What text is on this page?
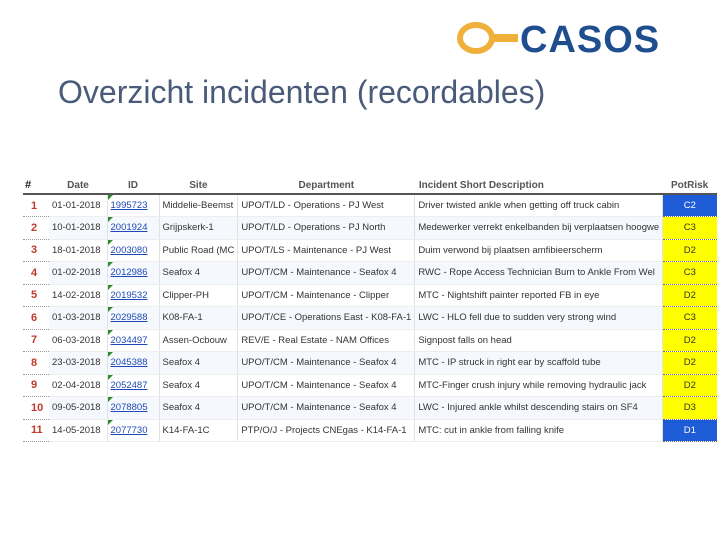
CASOS
Overzicht incidenten (recordables)
#	Date	ID	Site	Department	Incident Short Description	PotRisk
1	01-01-2018	1995723	Middelie-Beemst	UPO/T/LD - Operations - PJ West	Driver twisted ankle when getting off truck cabin	C2
2	10-01-2018	2001924	Grijpskerk-1	UPO/T/LD - Operations - PJ North	Medewerker verrekt enkelbanden bij verplaatsen hoogwe	C3
3	18-01-2018	2003080	Public Road (MC	UPO/T/LS - Maintenance - PJ West	Duim verwond bij plaatsen amfibieerscherm	D2
4	01-02-2018	2012986	Seafox 4	UPO/T/CM - Maintenance - Seafox 4	RWC - Rope Access Technician Burn to Ankle From Wel	C3
5	14-02-2018	2019532	Clipper-PH	UPO/T/CM - Maintenance - Clipper	MTC - Nightshift painter reported FB in eye	D2
6	01-03-2018	2029588	K08-FA-1	UPO/T/CE - Operations East - K08-FA-1	LWC - HLO fell due to sudden very strong wind	C3
7	06-03-2018	2034497	Assen-Ocbouw	REV/E - Real Estate - NAM Offices	Signpost falls on head	D2
8	23-03-2018	2045388	Seafox 4	UPO/T/CM - Maintenance - Seafox 4	MTC - IP struck in right ear by scaffold tube	D2
9	02-04-2018	2052487	Seafox 4	UPO/T/CM - Maintenance - Seafox 4	MTC-Finger crush injury while removing hydraulic jack	D2
10	09-05-2018	2078805	Seafox 4	UPO/T/CM - Maintenance - Seafox 4	LWC - Injured ankle whilst descending stairs on SF4	D3
11	14-05-2018	2077730	K14-FA-1C	PTP/O/J - Projects CNEgas - K14-FA-1	MTC: cut in ankle from falling knife	D1
